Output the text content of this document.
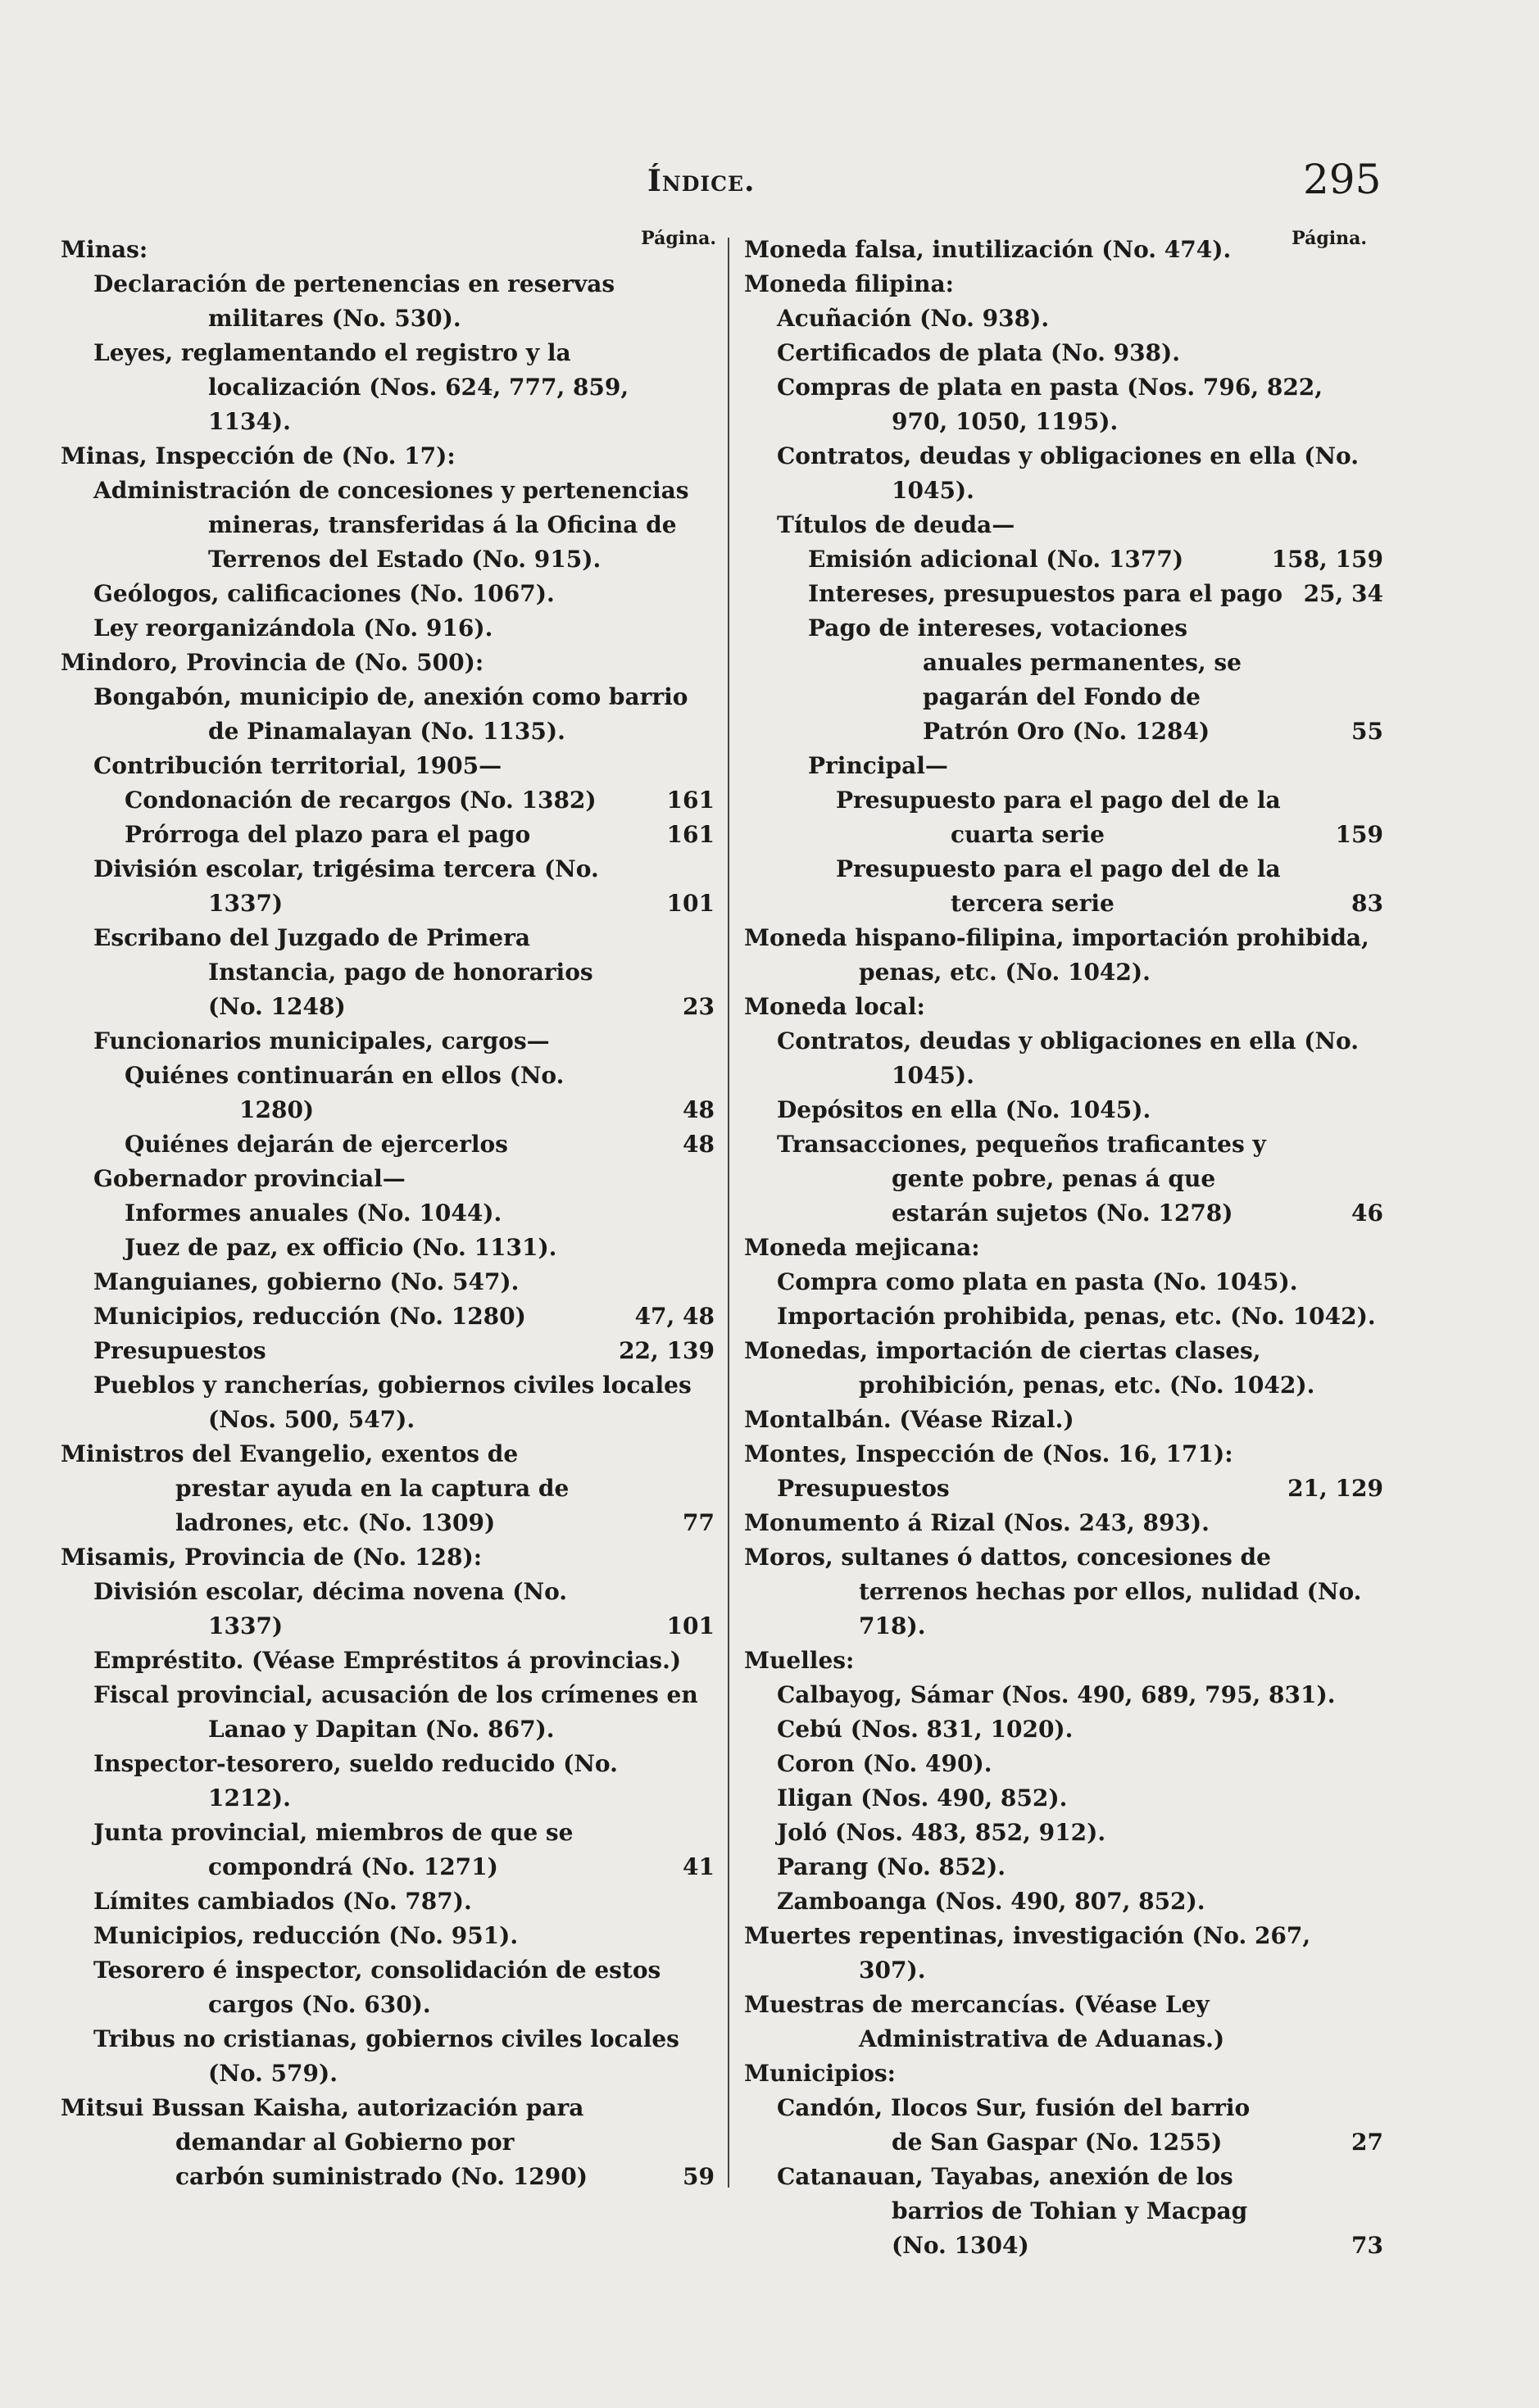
Índice.	295
Página.
Minas:
Declaración de pertenencias en reservas militares (No. 530).
Leyes, reglamentando el registro y la localización (Nos. 624, 777, 859, 1134).
Minas, Inspección de (No. 17):
Administración de concesiones y pertenencias mineras, transferidas á la Oficina de Terrenos del Estado (No. 915).
Geólogos, calificaciones (No. 1067).
Ley reorganizándola (No. 916).
Mindoro, Provincia de (No. 500):
Bongabón, municipio de, anexión como barrio de Pinamalayan (No. 1135).
Contribución territorial, 1905—
Condonación de recargos (No. 1382)	161
Prórroga del plazo para el pago	161
División escolar, trigésima tercera (No. 1337)	101
Escribano del Juzgado de Primera Instancia, pago de honorarios (No. 1248)	23
Funcionarios municipales, cargos—
Quiénes continuarán en ellos (No. 1280)	48
Quiénes dejarán de ejercerlos	48
Gobernador provincial—
Informes anuales (No. 1044).
Juez de paz, ex officio (No. 1131).
Manguianes, gobierno (No. 547).
Municipios, reducción (No. 1280)	47, 48
Presupuestos	22, 139
Pueblos y rancherías, gobiernos civiles locales (Nos. 500, 547).
Ministros del Evangelio, exentos de prestar ayuda en la captura de ladrones, etc. (No. 1309)	77
Misamis, Provincia de (No. 128):
División escolar, décima novena (No. 1337)	101
Empréstito. (Véase Empréstitos á provincias.)
Fiscal provincial, acusación de los crímenes en Lanao y Dapitan (No. 867).
Inspector-tesorero, sueldo reducido (No. 1212).
Junta provincial, miembros de que se compondrá (No. 1271)	41
Límites cambiados (No. 787).
Municipios, reducción (No. 951).
Tesorero é inspector, consolidación de estos cargos (No. 630).
Tribus no cristianas, gobiernos civiles locales (No. 579).
Mitsui Bussan Kaisha, autorización para demandar al Gobierno por carbón suministrado (No. 1290)	59
Página.
Moneda falsa, inutilización (No. 474).
Moneda filipina:
Acuñación (No. 938).
Certificados de plata (No. 938).
Compras de plata en pasta (Nos. 796, 822, 970, 1050, 1195).
Contratos, deudas y obligaciones en ella (No. 1045).
Títulos de deuda—
Emisión adicional (No. 1377)	158, 159
Intereses, presupuestos para el pago 25, 34
Pago de intereses, votaciones anuales permanentes, se pagarán del Fondo de Patrón Oro (No. 1284)	55
Principal—
Presupuesto para el pago del de la cuarta serie	159
Presupuesto para el pago del de la tercera serie	83
Moneda hispano-filipina, importación prohibida, penas, etc. (No. 1042).
Moneda local:
Contratos, deudas y obligaciones en ella (No. 1045).
Depósitos en ella (No. 1045).
Transacciones, pequeños traficantes y gente pobre, penas á que estarán sujetos (No. 1278)	46
Moneda mejicana:
Compra como plata en pasta (No. 1045).
Importación prohibida, penas, etc. (No. 1042).
Monedas, importación de ciertas clases, prohibición, penas, etc. (No. 1042).
Montalbán. (Véase Rizal.)
Montes, Inspección de (Nos. 16, 171):
Presupuestos	21, 129
Monumento á Rizal (Nos. 243, 893).
Moros, sultanes ó dattos, concesiones de terrenos hechas por ellos, nulidad (No. 718).
Muelles:
Calbayog, Sámar (Nos. 490, 689, 795, 831).
Cebú (Nos. 831, 1020).
Coron (No. 490).
Iligan (Nos. 490, 852).
Joló (Nos. 483, 852, 912).
Parang (No. 852).
Zamboanga (Nos. 490, 807, 852).
Muertes repentinas, investigación (No. 267, 307).
Muestras de mercancías. (Véase Ley Administrativa de Aduanas.)
Municipios:
Candón, Ilocos Sur, fusión del barrio de San Gaspar (No. 1255)	27
Catanauan, Tayabas, anexión de los barrios de Tohian y Macpag (No. 1304)	73
